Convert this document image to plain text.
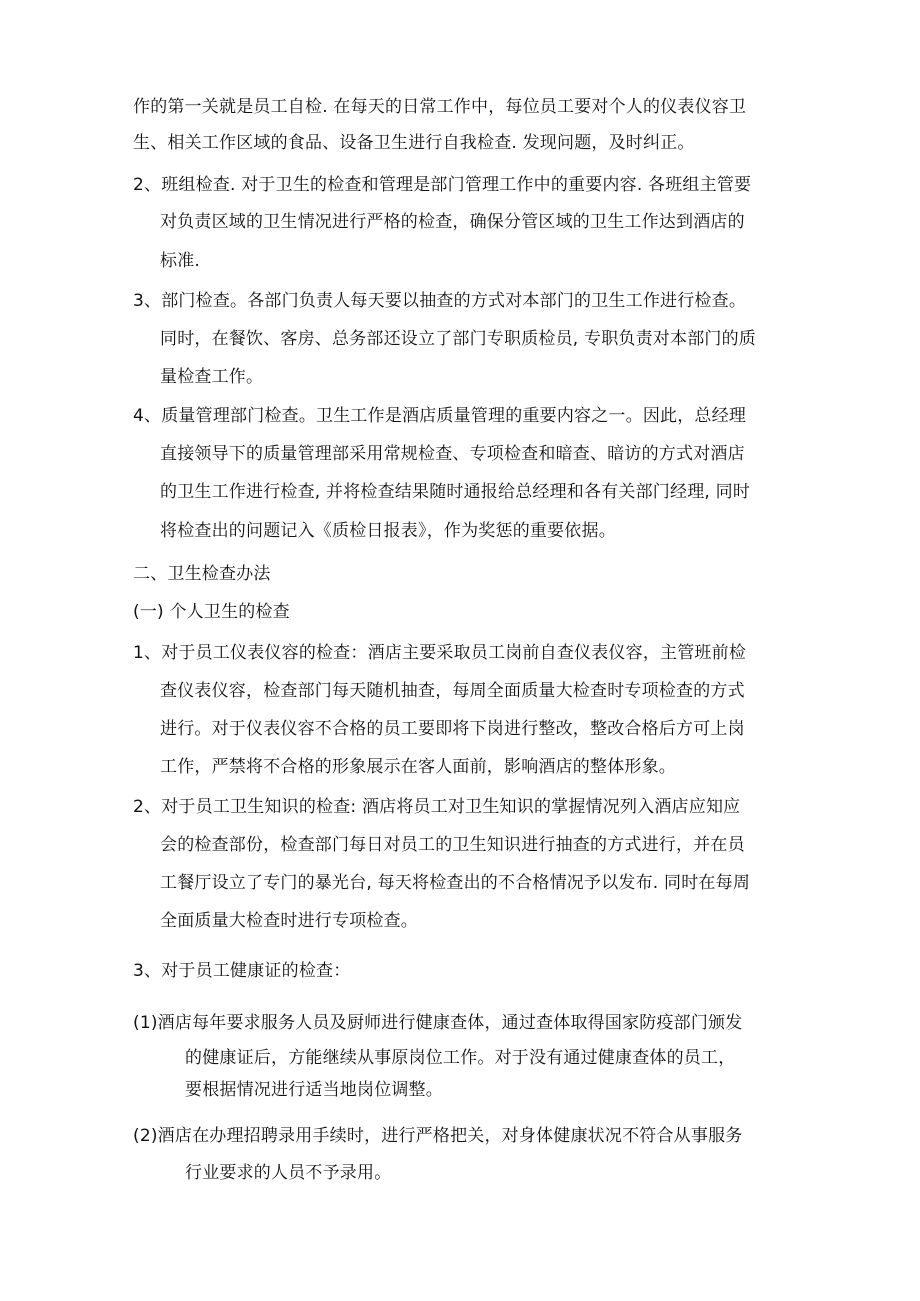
作的第一关就是员工自检. 在每天的日常工作中，每位员工要对个人的仪表仪容卫
生、相关工作区域的食品、设备卫生进行自我检查. 发现问题，及时纠正。
2、班组检查. 对于卫生的检查和管理是部门管理工作中的重要内容. 各班组主管要
对负责区域的卫生情况进行严格的检查，确保分管区域的卫生工作达到酒店的
标准.
3、部门检查。各部门负责人每天要以抽查的方式对本部门的卫生工作进行检查。
同时，在餐饮、客房、总务部还设立了部门专职质检员, 专职负责对本部门的质
量检查工作。
4、质量管理部门检查。卫生工作是酒店质量管理的重要内容之一。因此，总经理
直接领导下的质量管理部采用常规检查、专项检查和暗查、暗访的方式对酒店
的卫生工作进行检查, 并将检查结果随时通报给总经理和各有关部门经理, 同时
将检查出的问题记入《质检日报表》，作为奖惩的重要依据。
二、卫生检查办法
(一) 个人卫生的检查
1、对于员工仪表仪容的检查：酒店主要采取员工岗前自查仪表仪容，主管班前检
查仪表仪容，检查部门每天随机抽查，每周全面质量大检查时专项检查的方式
进行。对于仪表仪容不合格的员工要即将下岗进行整改，整改合格后方可上岗
工作，严禁将不合格的形象展示在客人面前，影响酒店的整体形象。
2、对于员工卫生知识的检查: 酒店将员工对卫生知识的掌握情况列入酒店应知应
会的检查部份，检查部门每日对员工的卫生知识进行抽查的方式进行，并在员
工餐厅设立了专门的暴光台, 每天将检查出的不合格情况予以发布. 同时在每周
全面质量大检查时进行专项检查。
3、对于员工健康证的检查：
(1)酒店每年要求服务人员及厨师进行健康查体，通过查体取得国家防疫部门颁发
的健康证后，方能继续从事原岗位工作。对于没有通过健康查体的员工，
要根据情况进行适当地岗位调整。
(2)酒店在办理招聘录用手续时，进行严格把关，对身体健康状况不符合从事服务
行业要求的人员不予录用。
